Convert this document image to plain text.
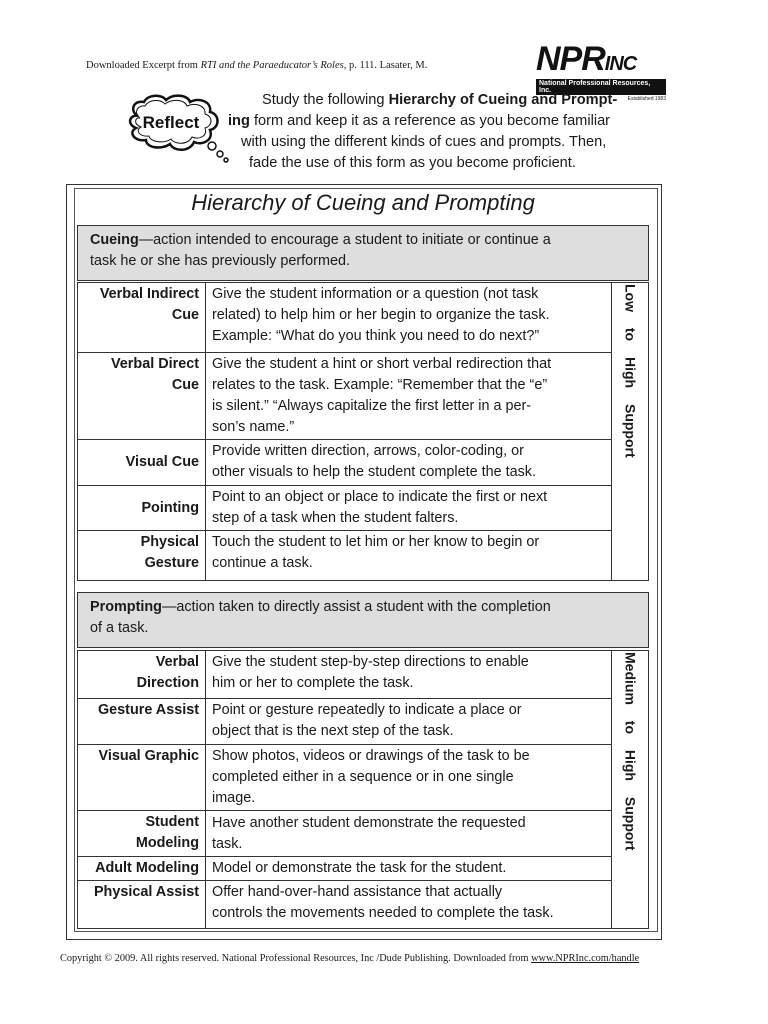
Downloaded Excerpt from RTI and the Paraeducator’s Roles, p. 111. Lasater, M.	NPRINC
National Professional Resources, Inc.
Established 1983
Reflect
Study the following Hierarchy of Cueing and Prompt-
ing form and keep it as a reference as you become familiar
with using the different kinds of cues and prompts. Then,
fade the use of this form as you become proficient.
Hierarchy of Cueing and Prompting
Cueing—action intended to encourage a student to initiate or continue a
task he or she has previously performed.
Verbal Indirect
Cue	Give the student information or a question (not task
related) to help him or her begin to organize the task.
Example: “What do you think you need to do next?”	Low to High Support

Verbal Direct
Cue	Give the student a hint or short verbal redirection that
relates to the task. Example: “Remember that the “e”
is silent.” “Always capitalize the first letter in a per-
son’s name.”	
Visual Cue	Provide written direction, arrows, color-coding, or
other visuals to help the student complete the task.	
Pointing	Point to an object or place to indicate the first or next
step of a task when the student falters.	
Physical
Gesture	Touch the student to let him or her know to begin or
continue a task.	
Prompting—action taken to directly assist a student with the completion
of a task.
Verbal
Direction	Give the student step-by-step directions to enable
him or her to complete the task.	Medium to High Support

Gesture Assist	Point or gesture repeatedly to indicate a place or
object that is the next step of the task.	
Visual Graphic	Show photos, videos or drawings of the task to be
completed either in a sequence or in one single
image.	
Student
Modeling	Have another student demonstrate the requested
task.	
Adult Modeling	Model or demonstrate the task for the student.	
Physical Assist	Offer hand-over-hand assistance that actually
controls the movements needed to complete the task.	
Copyright © 2009. All rights reserved. National Professional Resources, Inc /Dude Publishing. Downloaded from www.NPRInc.com/handle
